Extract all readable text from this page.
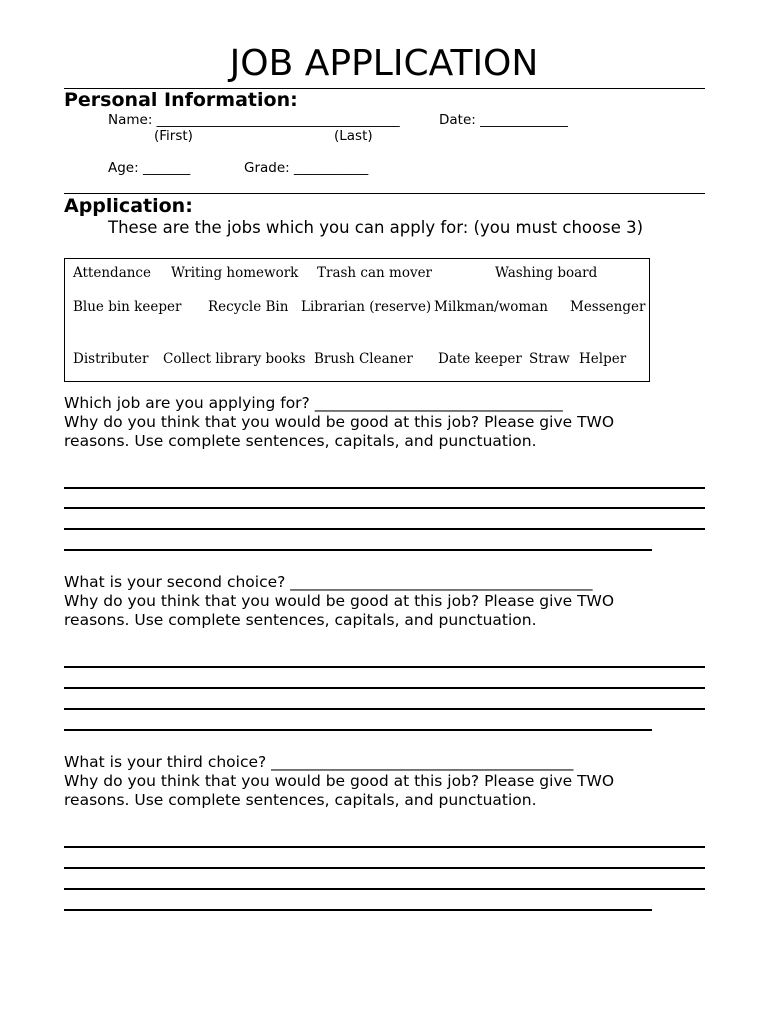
JOB APPLICATION
Personal Information:
Name: ____________________________________	Date: _____________
(First)	(Last)
Age: _______	Grade: ___________
Application:
These are the jobs which you can apply for: (you must choose 3)
Attendance Writing homework Trash can mover	Washing board
Blue bin keeper Recycle Bin Librarian (reserve) Milkman/woman Messenger
Distributer Collect library books Brush Cleaner Date keeper Straw Helper
Which job are you applying for? ________________________________
Why do you think that you would be good at this job? Please give TWO
reasons. Use complete sentences, capitals, and punctuation.
What is your second choice? _______________________________________
Why do you think that you would be good at this job? Please give TWO
reasons. Use complete sentences, capitals, and punctuation.
What is your third choice? _______________________________________
Why do you think that you would be good at this job? Please give TWO
reasons. Use complete sentences, capitals, and punctuation.
